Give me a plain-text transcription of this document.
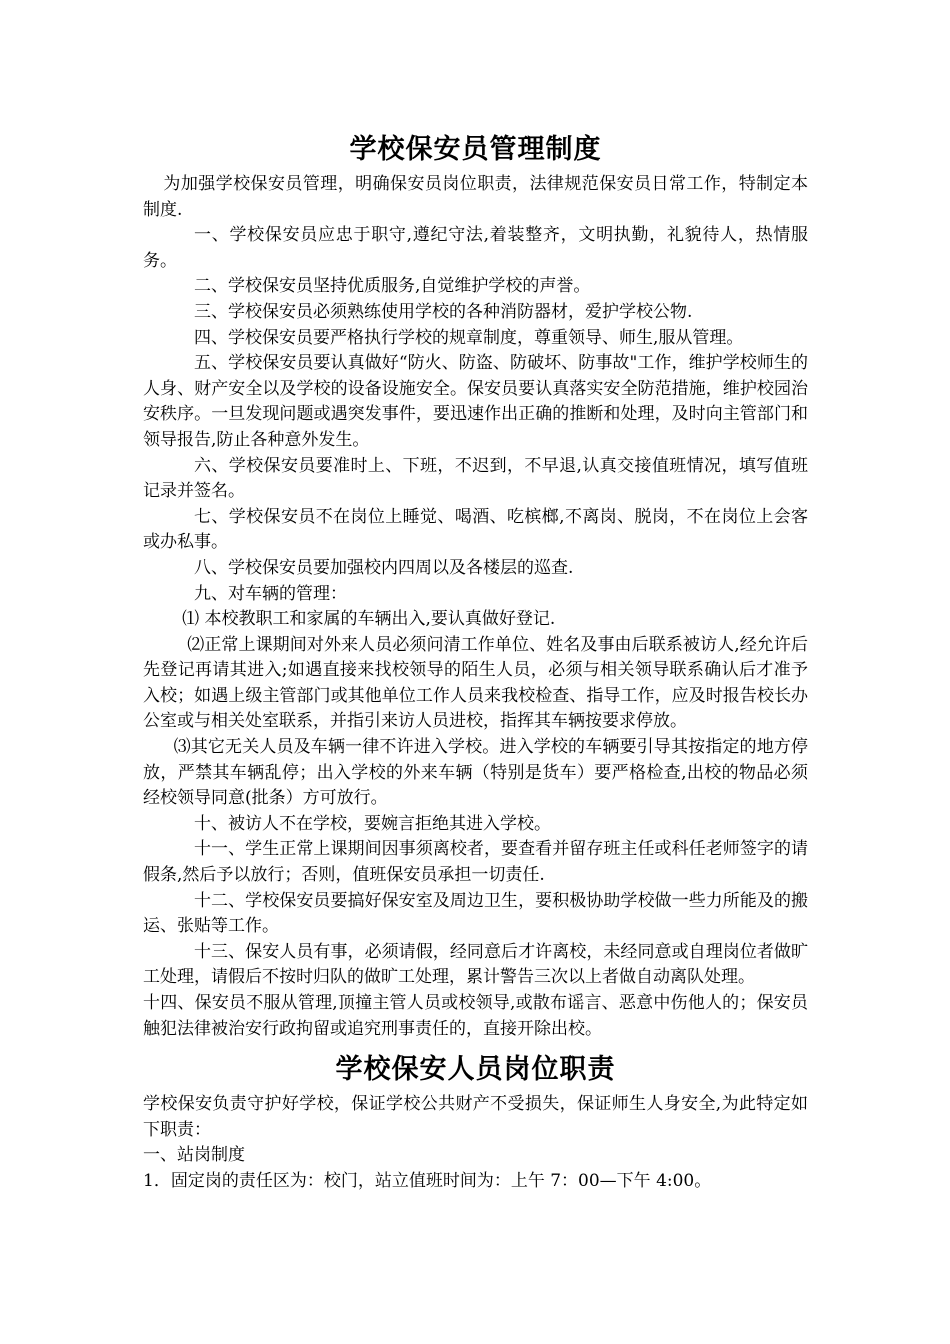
学校保安员管理制度

为加强学校保安员管理，明确保安员岗位职责，法律规范保安员日常工作，特制定本制度.

一、学校保安员应忠于职守,遵纪守法,着装整齐，文明执勤，礼貌待人，热情服务。

二、学校保安员坚持优质服务,自觉维护学校的声誉。

三、学校保安员必须熟练使用学校的各种消防器材，爱护学校公物.

四、学校保安员要严格执行学校的规章制度，尊重领导、师生,服从管理。

五、学校保安员要认真做好“防火、防盗、防破坏、防事故"工作，维护学校师生的人身、财产安全以及学校的设备设施安全。保安员要认真落实安全防范措施，维护校园治安秩序。一旦发现问题或遇突发事件，要迅速作出正确的推断和处理，及时向主管部门和领导报告,防止各种意外发生。

六、学校保安员要准时上、下班，不迟到，不早退,认真交接值班情况，填写值班记录并签名。

七、学校保安员不在岗位上睡觉、喝酒、吃槟榔,不离岗、脱岗，不在岗位上会客或办私事。

八、学校保安员要加强校内四周以及各楼层的巡查.

九、对车辆的管理：

⑴ 本校教职工和家属的车辆出入,要认真做好登记.

⑵正常上课期间对外来人员必须问清工作单位、姓名及事由后联系被访人,经允许后先登记再请其进入;如遇直接来找校领导的陌生人员，必须与相关领导联系确认后才准予入校；如遇上级主管部门或其他单位工作人员来我校检查、指导工作，应及时报告校长办公室或与相关处室联系，并指引来访人员进校，指挥其车辆按要求停放。

⑶其它无关人员及车辆一律不许进入学校。进入学校的车辆要引导其按指定的地方停放，严禁其车辆乱停；出入学校的外来车辆（特别是货车）要严格检查,出校的物品必须经校领导同意(批条）方可放行。

十、被访人不在学校，要婉言拒绝其进入学校。

十一、学生正常上课期间因事须离校者，要查看并留存班主任或科任老师签字的请假条,然后予以放行；否则，值班保安员承担一切责任.

十二、学校保安员要搞好保安室及周边卫生，要积极协助学校做一些力所能及的搬运、张贴等工作。

十三、保安人员有事，必须请假，经同意后才许离校，未经同意或自理岗位者做旷工处理，请假后不按时归队的做旷工处理，累计警告三次以上者做自动离队处理。

十四、保安员不服从管理,顶撞主管人员或校领导,或散布谣言、恶意中伤他人的；保安员触犯法律被治安行政拘留或追究刑事责任的，直接开除出校。

学校保安人员岗位职责

学校保安负责守护好学校，保证学校公共财产不受损失，保证师生人身安全,为此特定如下职责：

一、站岗制度

1．固定岗的责任区为：校门，站立值班时间为：上午 7：00—下午 4:00。
